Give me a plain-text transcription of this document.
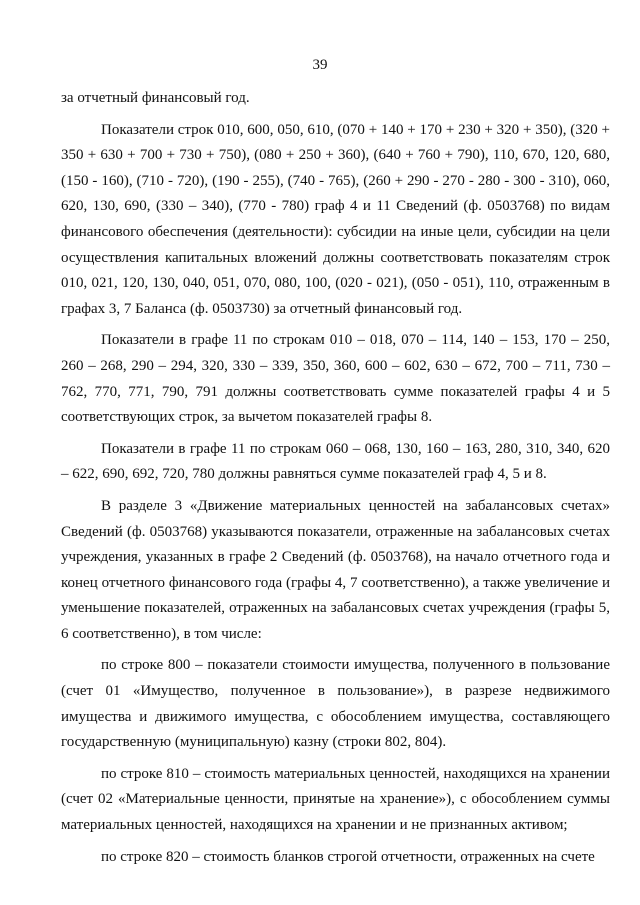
39

за отчетный финансовый год.

Показатели строк 010, 600, 050, 610, (070 + 140 + 170 + 230 + 320 + 350), (320 + 350 + 630 + 700 + 730 + 750), (080 + 250 + 360), (640 + 760 + 790), 110, 670, 120, 680, (150 - 160), (710 - 720), (190 - 255), (740 - 765), (260 + 290 - 270 - 280 - 300 - 310), 060, 620, 130, 690, (330 – 340), (770 - 780) граф 4 и 11 Сведений (ф. 0503768) по видам финансового обеспечения (деятельности): субсидии на иные цели, субсидии на цели осуществления капитальных вложений должны соответствовать показателям строк 010, 021, 120, 130, 040, 051, 070, 080, 100, (020 - 021), (050 - 051), 110, отраженным в графах 3, 7 Баланса (ф. 0503730) за отчетный финансовый год.

Показатели в графе 11 по строкам 010 – 018, 070 – 114, 140 – 153, 170 – 250, 260 – 268, 290 – 294, 320, 330 – 339, 350, 360, 600 – 602, 630 – 672, 700 – 711, 730 – 762, 770, 771, 790, 791 должны соответствовать сумме показателей графы 4 и 5 соответствующих строк, за вычетом показателей графы 8.

Показатели в графе 11 по строкам 060 – 068, 130, 160 – 163, 280, 310, 340, 620 – 622, 690, 692, 720, 780 должны равняться сумме показателей граф 4, 5 и 8.

В разделе 3 «Движение материальных ценностей на забалансовых счетах» Сведений (ф. 0503768) указываются показатели, отраженные на забалансовых счетах учреждения, указанных в графе 2 Сведений (ф. 0503768), на начало отчетного года и конец отчетного финансового года (графы 4, 7 соответственно), а также увеличение и уменьшение показателей, отраженных на забалансовых счетах учреждения (графы 5, 6 соответственно), в том числе:

по строке 800 – показатели стоимости имущества, полученного в пользование (счет 01 «Имущество, полученное в пользование»), в разрезе недвижимого имущества и движимого имущества, с обособлением имущества, составляющего государственную (муниципальную) казну (строки 802, 804).

по строке 810 – стоимость материальных ценностей, находящихся на хранении (счет 02 «Материальные ценности, принятые на хранение»), с обособлением суммы материальных ценностей, находящихся на хранении и не признанных активом;

по строке 820 – стоимость бланков строгой отчетности, отраженных на счете
